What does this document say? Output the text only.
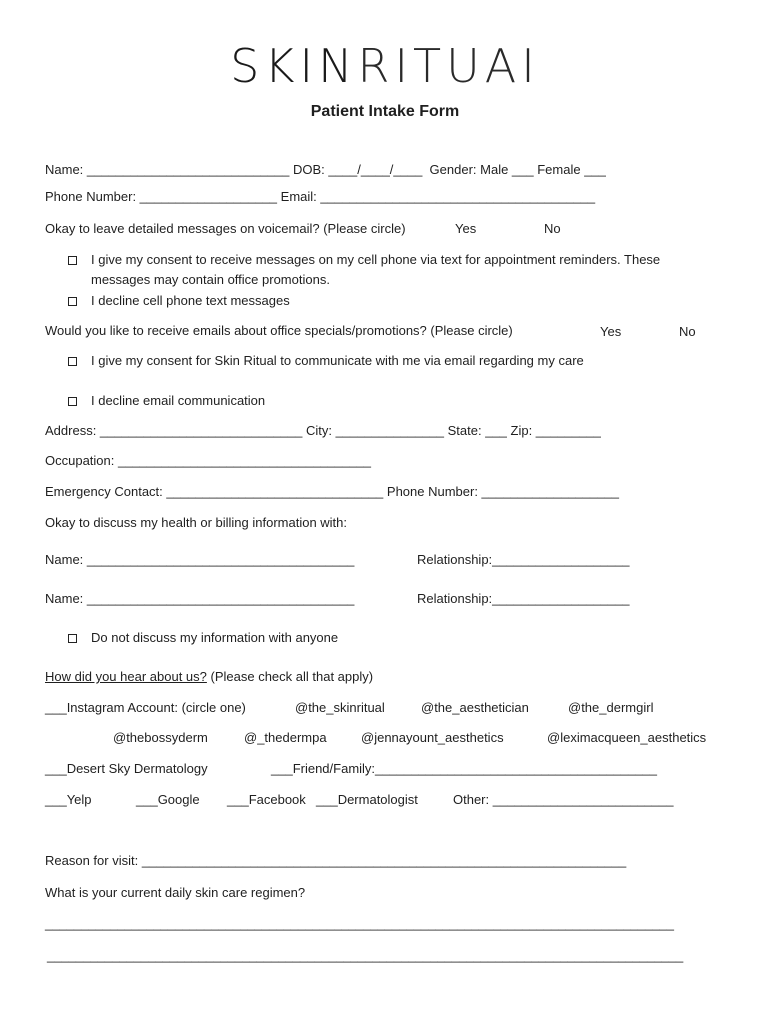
SKINRITUAI
Patient Intake Form
Name: ____________________________ DOB: ____/____/____  Gender: Male ___ Female ___
Phone Number: ___________________ Email: ______________________________________
Okay to leave detailed messages on voicemail? (Please circle)	Yes	No
I give my consent to receive messages on my cell phone via text for appointment reminders. These
messages may contain office promotions.
I decline cell phone text messages
Would you like to receive emails about office specials/promotions? (Please circle)	Yes	No
I give my consent for Skin Ritual to communicate with me via email regarding my care
I decline email communication
Address: ____________________________ City: _______________ State: ___ Zip: _________
Occupation: ___________________________________
Emergency Contact: ______________________________ Phone Number: ___________________
Okay to discuss my health or billing information with:
Name: _____________________________________	Relationship:___________________
Name: _____________________________________	Relationship:___________________
Do not discuss my information with anyone
How did you hear about us? (Please check all that apply)
___Instagram Account: (circle one)	@the_skinritual	@the_aesthetician	@the_dermgirl
@thebossyderm	@_thedermpa	@jennayount_aesthetics	@leximacqueen_aesthetics
___Desert Sky Dermatology	___Friend/Family:_______________________________________
___Yelp	___Google ___Facebook ___Dermatologist	Other: _________________________
Reason for visit: ___________________________________________________________________
What is your current daily skin care regimen?
_______________________________________________________________________________________
________________________________________________________________________________________
